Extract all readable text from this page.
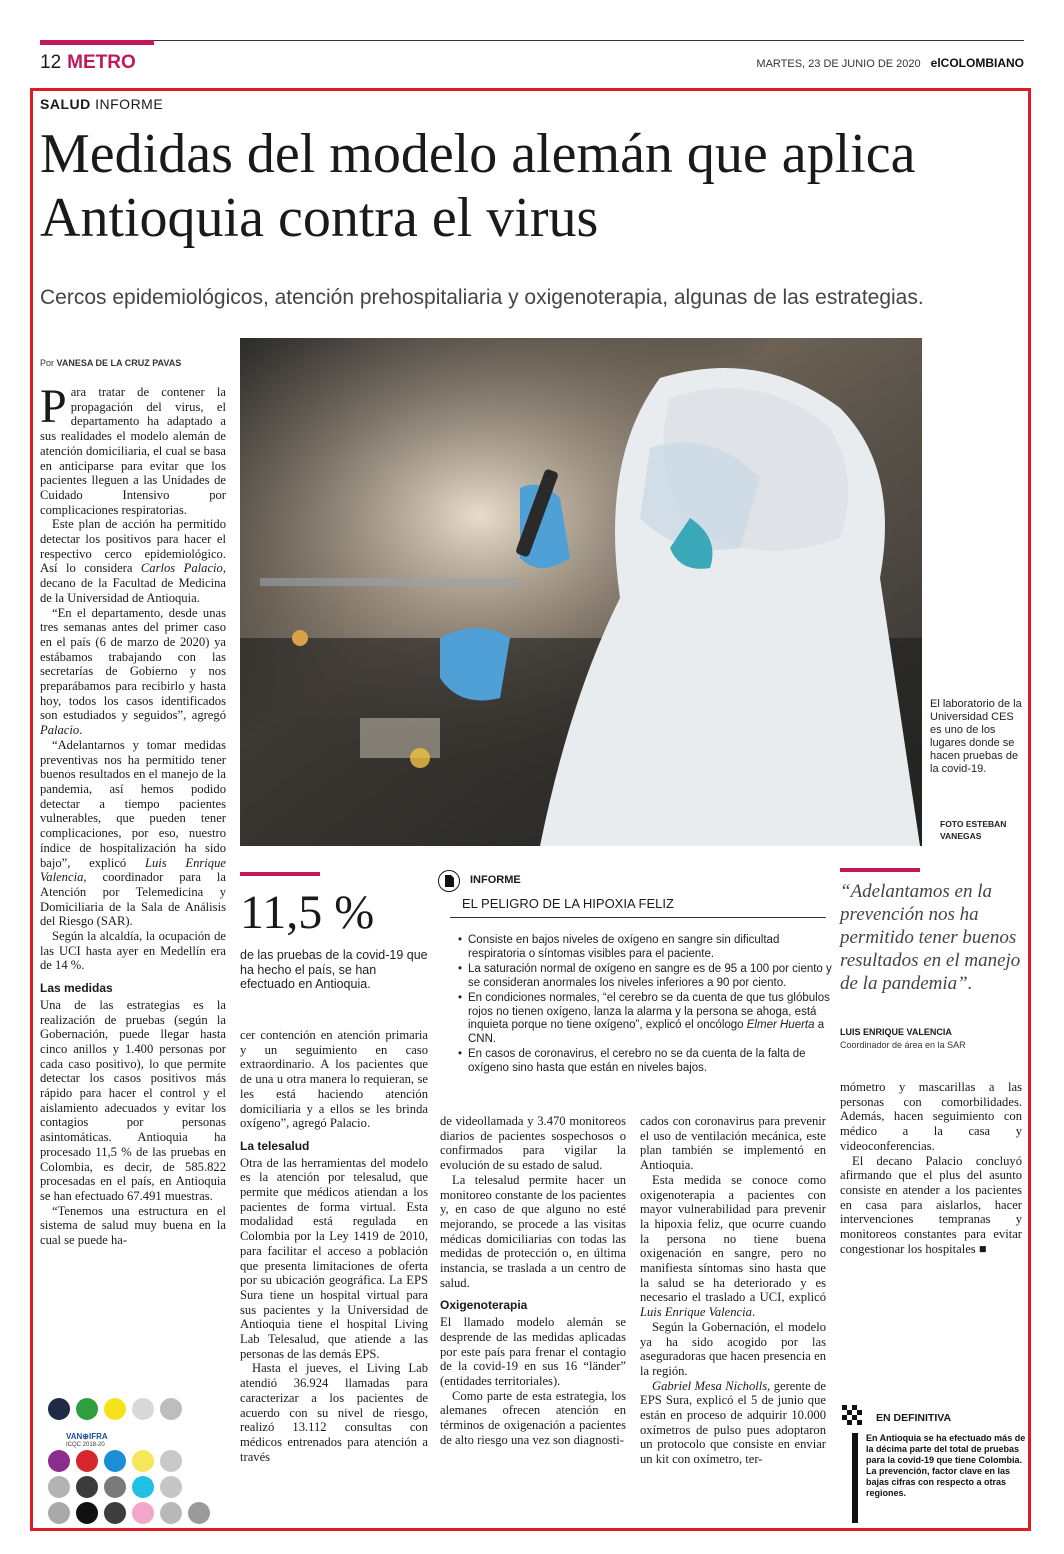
12 METRO	MARTES, 23 DE JUNIO DE 2020 elCOLOMBIANO
SALUD INFORME
Medidas del modelo alemán que aplica Antioquia contra el virus
Cercos epidemiológicos, atención prehospitaliaria y oxigenoterapia, algunas de las estrategias.
Por VANESA DE LA CRUZ PAVAS
El laboratorio de la Universidad CES es uno de los lugares donde se hacen pruebas de la covid-19.
FOTO ESTEBAN VANEGAS

Para tratar de contener la propagación del virus, el departamento ha adaptado a sus realidades el modelo alemán de atención domiciliaria, el cual se basa en anticiparse para evitar que los pacientes lleguen a las Unidades de Cuidado Intensivo por complicaciones respiratorias.

Este plan de acción ha permitido detectar los positivos para hacer el respectivo cerco epidemiológico. Así lo considera Carlos Palacio, decano de la Facultad de Medicina de la Universidad de Antioquia.

“En el departamento, desde unas tres semanas antes del primer caso en el país (6 de marzo de 2020) ya estábamos trabajando con las secretarías de Gobierno y nos preparábamos para recibirlo y hasta hoy, todos los casos identificados son estudiados y seguidos”, agregó Palacio.

“Adelantarnos y tomar medidas preventivas nos ha permitido tener buenos resultados en el manejo de la pandemia, así hemos podido detectar a tiempo pacientes vulnerables, que pueden tener complicaciones, por eso, nuestro índice de hospitalización ha sido bajo”, explicó Luis Enrique Valencia, coordinador para la Atención por Telemedicina y Domiciliaria de la Sala de Análisis del Riesgo (SAR).

Según la alcaldía, la ocupación de las UCI hasta ayer en Medellín era de 14 %.

Las medidas

Una de las estrategias es la realización de pruebas (según la Gobernación, puede llegar hasta cinco anillos y 1.400 personas por cada caso positivo), lo que permite detectar los casos positivos más rápido para hacer el control y el aislamiento adecuados y evitar los contagios por personas asintomáticas. Antioquia ha procesado 11,5 % de las pruebas en Colombia, es decir, de 585.822 procesadas en el país, en Antioquia se han efectuado 67.491 muestras.

“Tenemos una estructura en el sistema de salud muy buena en la cual se puede ha-

11,5 %
de las pruebas de la covid-19 que ha hecho el país, se han efectuado en Antioquia.

cer contención en atención primaria y un seguimiento en caso extraordinario. A los pacientes que de una u otra manera lo requieran, se les está haciendo atención domiciliaria y a ellos se les brinda oxígeno”, agregó Palacio.

La telesalud

Otra de las herramientas del modelo es la atención por telesalud, que permite que médicos atiendan a los pacientes de forma virtual. Esta modalidad está regulada en Colombia por la Ley 1419 de 2010, para facilitar el acceso a población que presenta limitaciones de oferta por su ubicación geográfica. La EPS Sura tiene un hospital virtual para sus pacientes y la Universidad de Antioquia tiene el hospital Living Lab Telesalud, que atiende a las personas de las demás EPS.

Hasta el jueves, el Living Lab atendió 36.924 llamadas para caracterizar a los pacientes de acuerdo con su nivel de riesgo, realizó 13.112 consultas con médicos entrenados para atención a través

INFORME
EL PELIGRO DE LA HIPOXIA FELIZ
• Consiste en bajos niveles de oxígeno en sangre sin dificultad respiratoria o síntomas visibles para el paciente.
• La saturación normal de oxígeno en sangre es de 95 a 100 por ciento y se consideran anormales los niveles inferiores a 90 por ciento.
• En condiciones normales, “el cerebro se da cuenta de que tus glóbulos rojos no tienen oxígeno, lanza la alarma y la persona se ahoga, está inquieta porque no tiene oxígeno”, explicó el oncólogo Elmer Huerta a CNN.
• En casos de coronavirus, el cerebro no se da cuenta de la falta de oxígeno sino hasta que están en niveles bajos.

de videollamada y 3.470 monitoreos diarios de pacientes sospechosos o confirmados para vigilar la evolución de su estado de salud.

La telesalud permite hacer un monitoreo constante de los pacientes y, en caso de que alguno no esté mejorando, se procede a las visitas médicas domiciliarias con todas las medidas de protección o, en última instancia, se traslada a un centro de salud.

Oxigenoterapia

El llamado modelo alemán se desprende de las medidas aplicadas por este país para frenar el contagio de la covid-19 en sus 16 “länder” (entidades territoriales).

Como parte de esta estrategia, los alemanes ofrecen atención en términos de oxigenación a pacientes de alto riesgo una vez son diagnosti-

cados con coronavirus para prevenir el uso de ventilación mecánica, este plan también se implementó en Antioquia.

Esta medida se conoce como oxigenoterapia a pacientes con mayor vulnerabilidad para prevenir la hipoxia feliz, que ocurre cuando la persona no tiene buena oxigenación en sangre, pero no manifiesta síntomas sino hasta que la salud se ha deteriorado y es necesario el traslado a UCI, explicó Luis Enrique Valencia.

Según la Gobernación, el modelo ya ha sido acogido por las aseguradoras que hacen presencia en la región.

Gabriel Mesa Nicholls, gerente de EPS Sura, explicó el 5 de junio que están en proceso de adquirir 10.000 oxímetros de pulso pues adoptaron un protocolo que consiste en enviar un kit con oxímetro, ter-

“Adelantamos en la prevención nos ha permitido tener buenos resultados en el manejo de la pandemia”.
LUIS ENRIQUE VALENCIA
Coordinador de área en la SAR

mómetro y mascarillas a las personas con comorbilidades. Además, hacen seguimiento con médico a la casa y videoconferencias.

El decano Palacio concluyó afirmando que el plus del asunto consiste en atender a los pacientes en casa para aislarlos, hacer intervenciones tempranas y monitoreos constantes para evitar congestionar los hospitales ■

EN DEFINITIVA
En Antioquia se ha efectuado más de la décima parte del total de pruebas para la covid-19 que tiene Colombia. La prevención, factor clave en las bajas cifras con respecto a otras regiones.
VAN⊕IFRA
ICQC 2018-20
